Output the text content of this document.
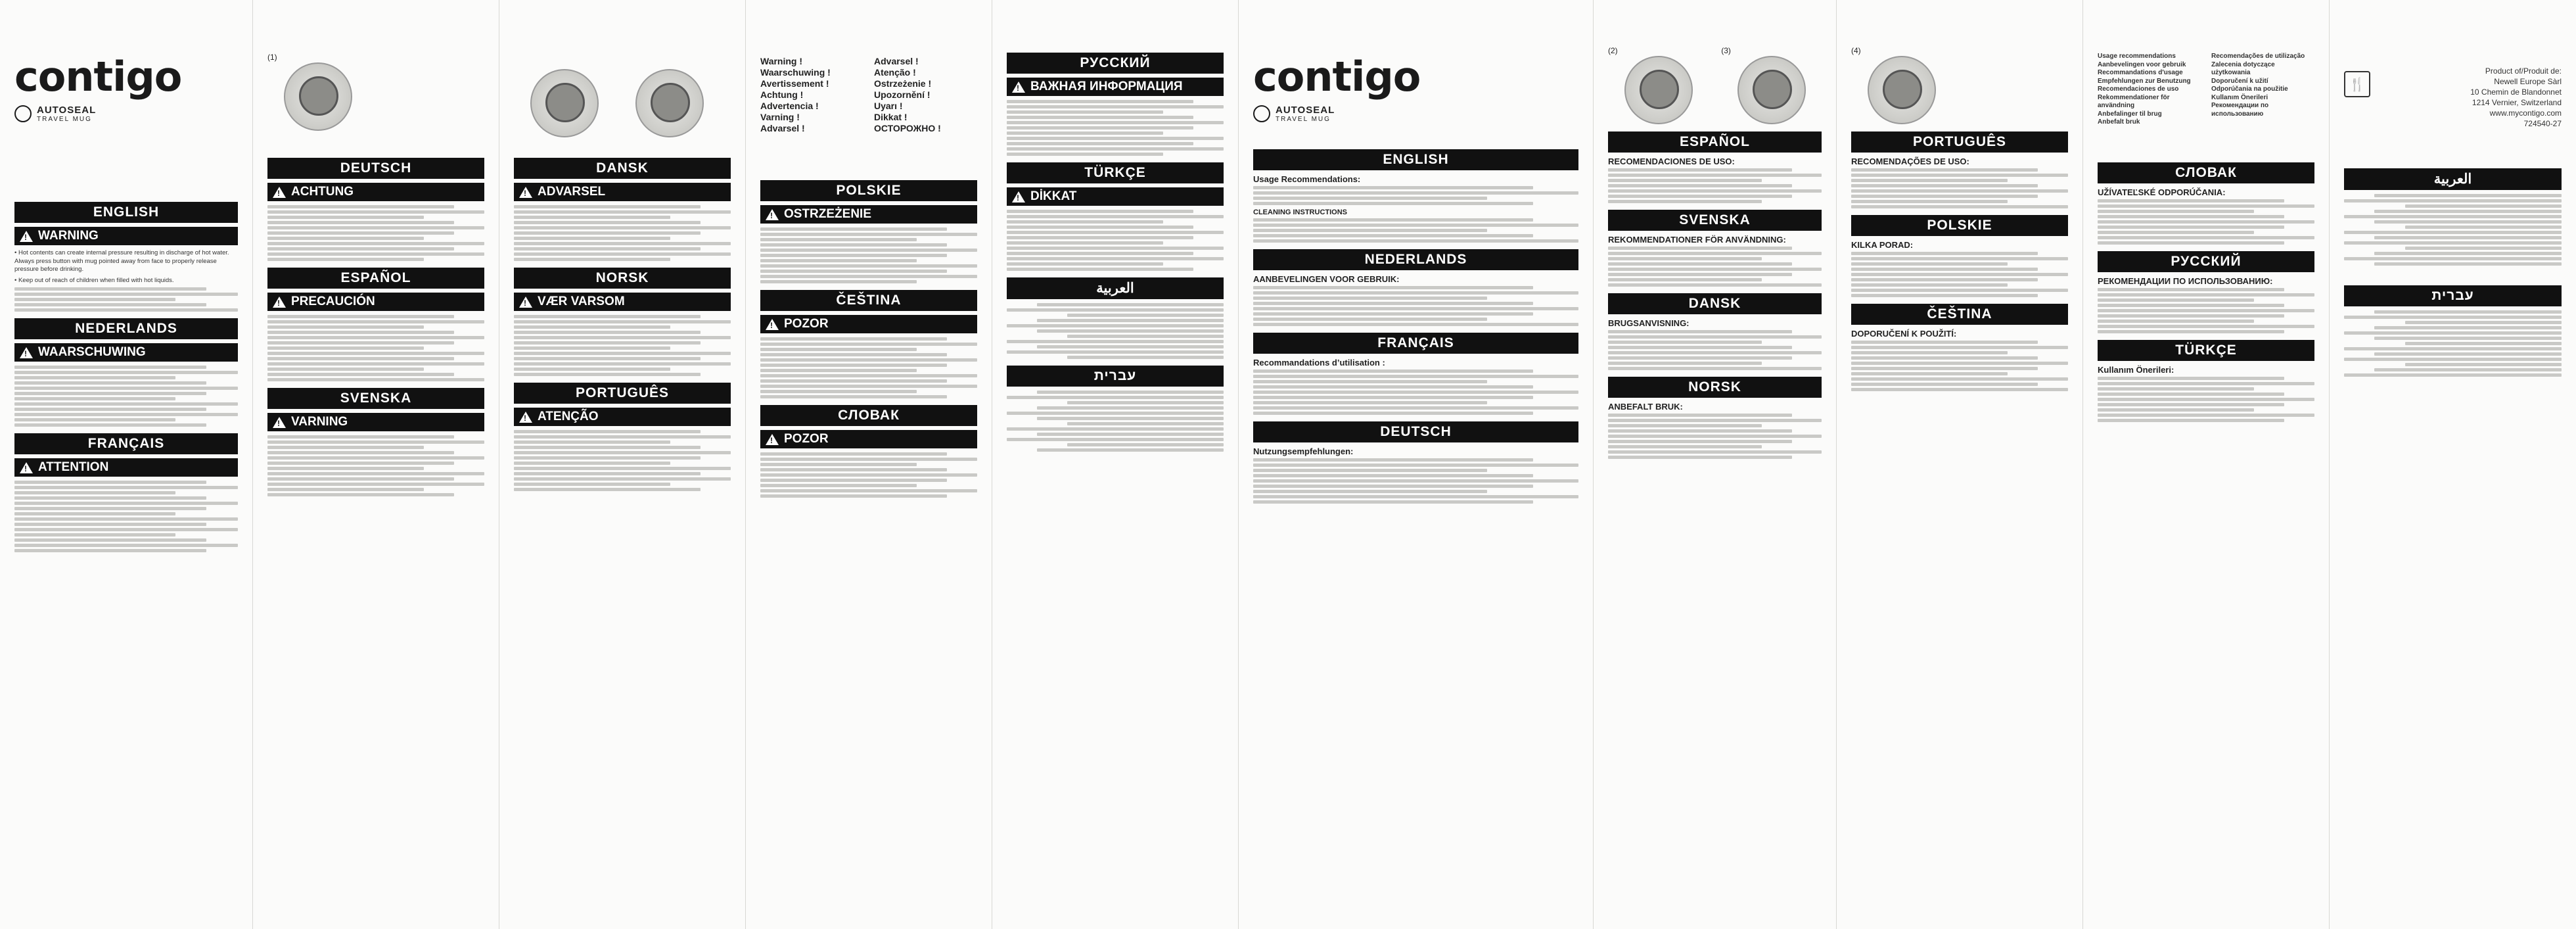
contigo
AUTOSEAL
TRAVEL MUG
ENGLISH
!
WARNING

• Hot contents can create internal pressure resulting in discharge of hot water. Always press button with mug pointed away from face to properly release pressure before drinking.

• Keep out of reach of children when filled with hot liquids.

NEDERLANDS
!
WAARSCHUWING
FRANÇAIS
!
ATTENTION
(1)
DEUTSCH
!
ACHTUNG
ESPAÑOL
!
PRECAUCIÓN
SVENSKA
!
VARNING
DANSK
!
ADVARSEL
NORSK
!
VÆR VARSOM
PORTUGUÊS
!
ATENÇÃO
Warning !
Waarschuwing !
Avertissement !
Achtung !
Advertencia !
Varning !
Advarsel !
Advarsel !
Atenção !
Ostrzeżenie !
Upozornění !
Uyarı !
Dikkat !
ОСТОРОЖНО !
POLSKIE
!
OSTRZEŻENIE
ČEŠTINA
!
POZOR
СЛОВАК
!
POZOR
РУССКИЙ
!
ВАЖНАЯ ИНФОРМАЦИЯ
TÜRKÇE
!
DİKKAT
العربية
עברית
contigo
AUTOSEAL
TRAVEL MUG
ENGLISH
Usage Recommendations:
CLEANING INSTRUCTIONS
NEDERLANDS
AANBEVELINGEN VOOR GEBRUIK:
FRANÇAIS
Recommandations d’utilisation :
DEUTSCH
Nutzungsempfehlungen:
(2)	(3)
ESPAÑOL
RECOMENDACIONES DE USO:
SVENSKA
REKOMMENDATIONER FÖR ANVÄNDNING:
DANSK
BRUGSANVISNING:
NORSK
ANBEFALT BRUK:
(4)
PORTUGUÊS
RECOMENDAÇÕES DE USO:
POLSKIE
KILKA PORAD:
ČEŠTINA
DOPORUČENÍ K POUŽITÍ:
Usage recommendations
Aanbevelingen voor gebruik
Recommandations d'usage
Empfehlungen zur Benutzung
Recomendaciones de uso
Rekommendationer för användning
Anbefalinger til brug
Anbefalt bruk
Recomendações de utilização
Zalecenia dotyczące użytkowania
Doporučení k užití
Odporúčania na použitie
Kullanım Önerileri
Рекомендации по использованию
СЛОВАК
UŽÍVATEĽSKÉ ODPORÚČANIA:
РУССКИЙ
РЕКОМЕНДАЦИИ ПО ИСПОЛЬЗОВАНИЮ:
TÜRKÇE
Kullanım Önerileri:
🍴
Product of/Produit de:
Newell Europe Sàrl
10 Chemin de Blandonnet
1214 Vernier, Switzerland
www.mycontigo.com
724540-27
العربية
עברית
